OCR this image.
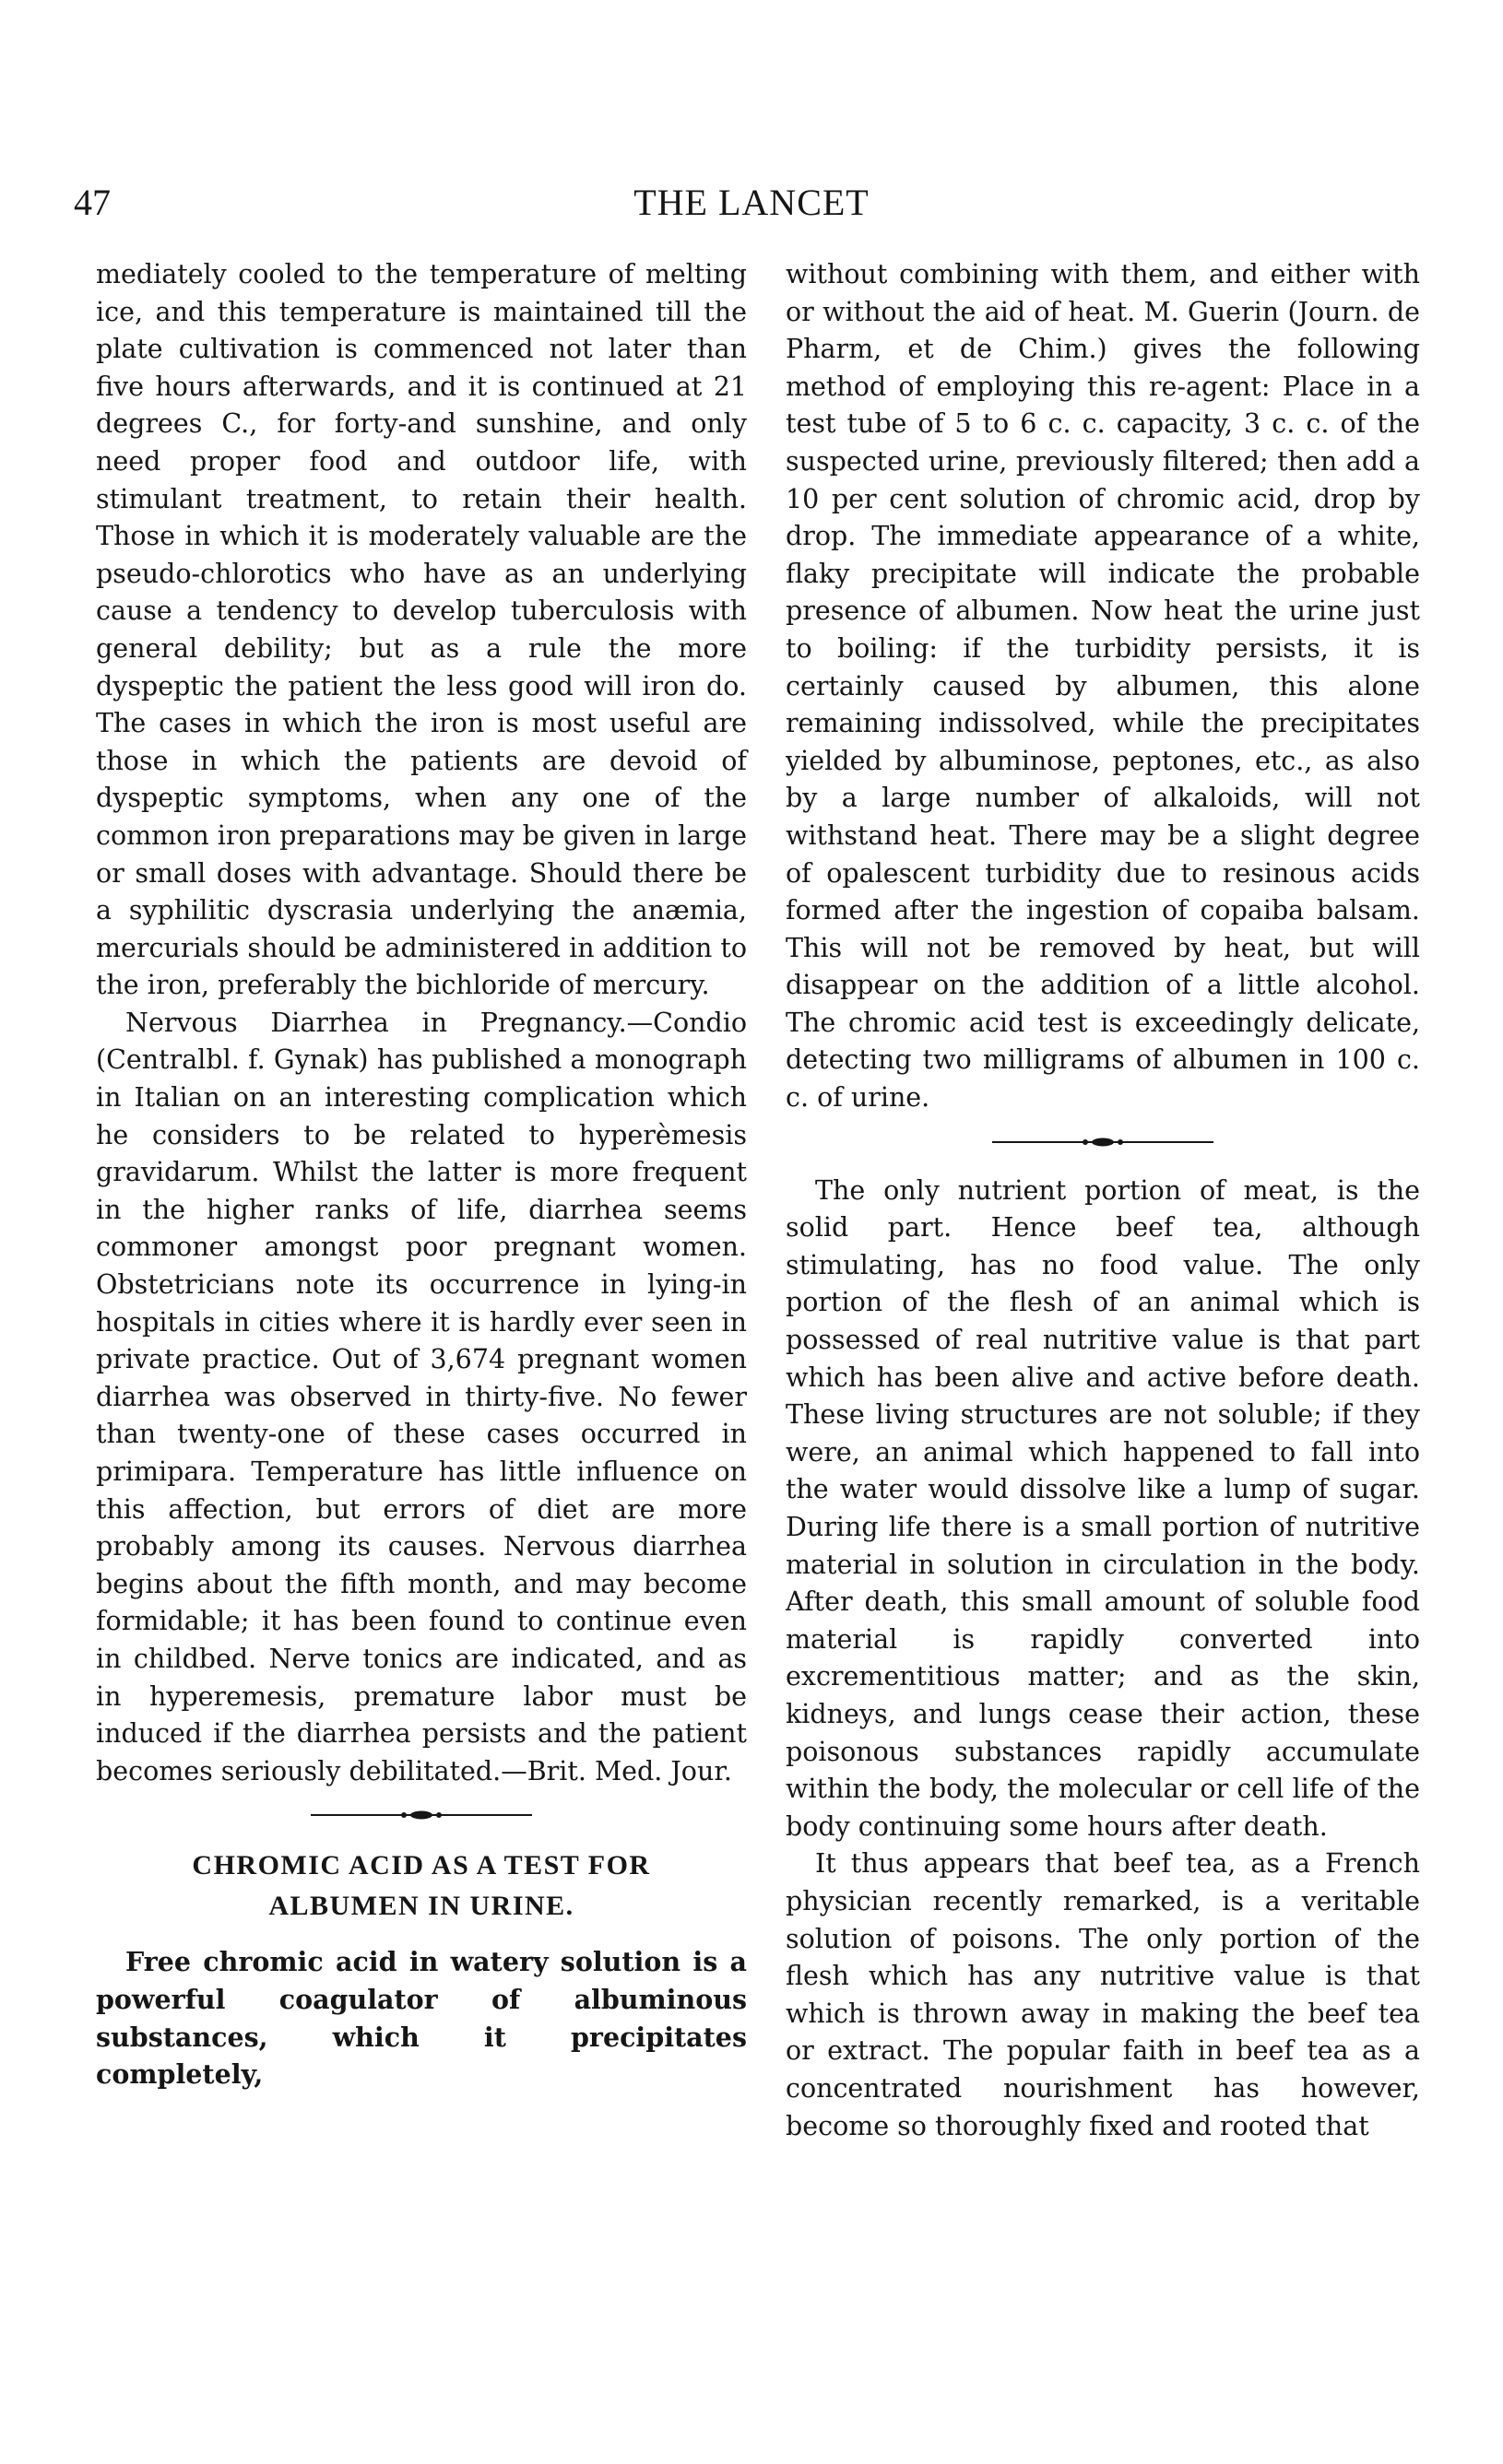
47	THE LANCET

mediately cooled to the temperature of melting ice, and this temperature is maintained till the plate cultivation is commenced not later than five hours afterwards, and it is continued at 21 degrees C., for forty-and sunshine, and only need proper food and outdoor life, with stimulant treatment, to retain their health. Those in which it is moderately valuable are the pseudo-chlorotics who have as an underlying cause a tendency to develop tuberculosis with general debility; but as a rule the more dyspeptic the patient the less good will iron do. The cases in which the iron is most useful are those in which the patients are devoid of dyspeptic symptoms, when any one of the common iron preparations may be given in large or small doses with advantage. Should there be a syphilitic dyscrasia underlying the anæmia, mercurials should be administered in addition to the iron, preferably the bichloride of mercury.

Nervous Diarrhea in Pregnancy.—Condio (Centralbl. f. Gynak) has published a monograph in Italian on an interesting complication which he considers to be related to hyperèmesis gravidarum. Whilst the latter is more frequent in the higher ranks of life, diarrhea seems commoner amongst poor pregnant women. Obstetricians note its occurrence in lying-in hospitals in cities where it is hardly ever seen in private practice. Out of 3,674 pregnant women diarrhea was observed in thirty-five. No fewer than twenty-one of these cases occurred in primipara. Temperature has little influence on this affection, but errors of diet are more probably among its causes. Nervous diarrhea begins about the fifth month, and may become formidable; it has been found to continue even in childbed. Nerve tonics are indicated, and as in hyperemesis, premature labor must be induced if the diarrhea persists and the patient becomes seriously debilitated.—Brit. Med. Jour.

CHROMIC ACID AS A TEST FOR
ALBUMEN IN URINE.

Free chromic acid in watery solution is a powerful coagulator of albuminous substances, which it precipitates completely,

without combining with them, and either with or without the aid of heat. M. Guerin (Journ. de Pharm, et de Chim.) gives the following method of employing this re-agent: Place in a test tube of 5 to 6 c. c. capacity, 3 c. c. of the suspected urine, previously filtered; then add a 10 per cent solution of chromic acid, drop by drop. The immediate appearance of a white, flaky precipitate will indicate the probable presence of albumen. Now heat the urine just to boiling: if the turbidity persists, it is certainly caused by albumen, this alone remaining indissolved, while the precipitates yielded by albuminose, peptones, etc., as also by a large number of alkaloids, will not withstand heat. There may be a slight degree of opalescent turbidity due to resinous acids formed after the ingestion of copaiba balsam. This will not be removed by heat, but will disappear on the addition of a little alcohol. The chromic acid test is exceedingly delicate, detecting two milligrams of albumen in 100 c. c. of urine.

The only nutrient portion of meat, is the solid part. Hence beef tea, although stimulating, has no food value. The only portion of the flesh of an animal which is possessed of real nutritive value is that part which has been alive and active before death. These living structures are not soluble; if they were, an animal which happened to fall into the water would dissolve like a lump of sugar. During life there is a small portion of nutritive material in solution in circulation in the body. After death, this small amount of soluble food material is rapidly converted into excrementitious matter; and as the skin, kidneys, and lungs cease their action, these poisonous substances rapidly accumulate within the body, the molecular or cell life of the body continuing some hours after death.

It thus appears that beef tea, as a French physician recently remarked, is a veritable solution of poisons. The only portion of the flesh which has any nutritive value is that which is thrown away in making the beef tea or extract. The popular faith in beef tea as a concentrated nourishment has however, become so thoroughly fixed and rooted that
